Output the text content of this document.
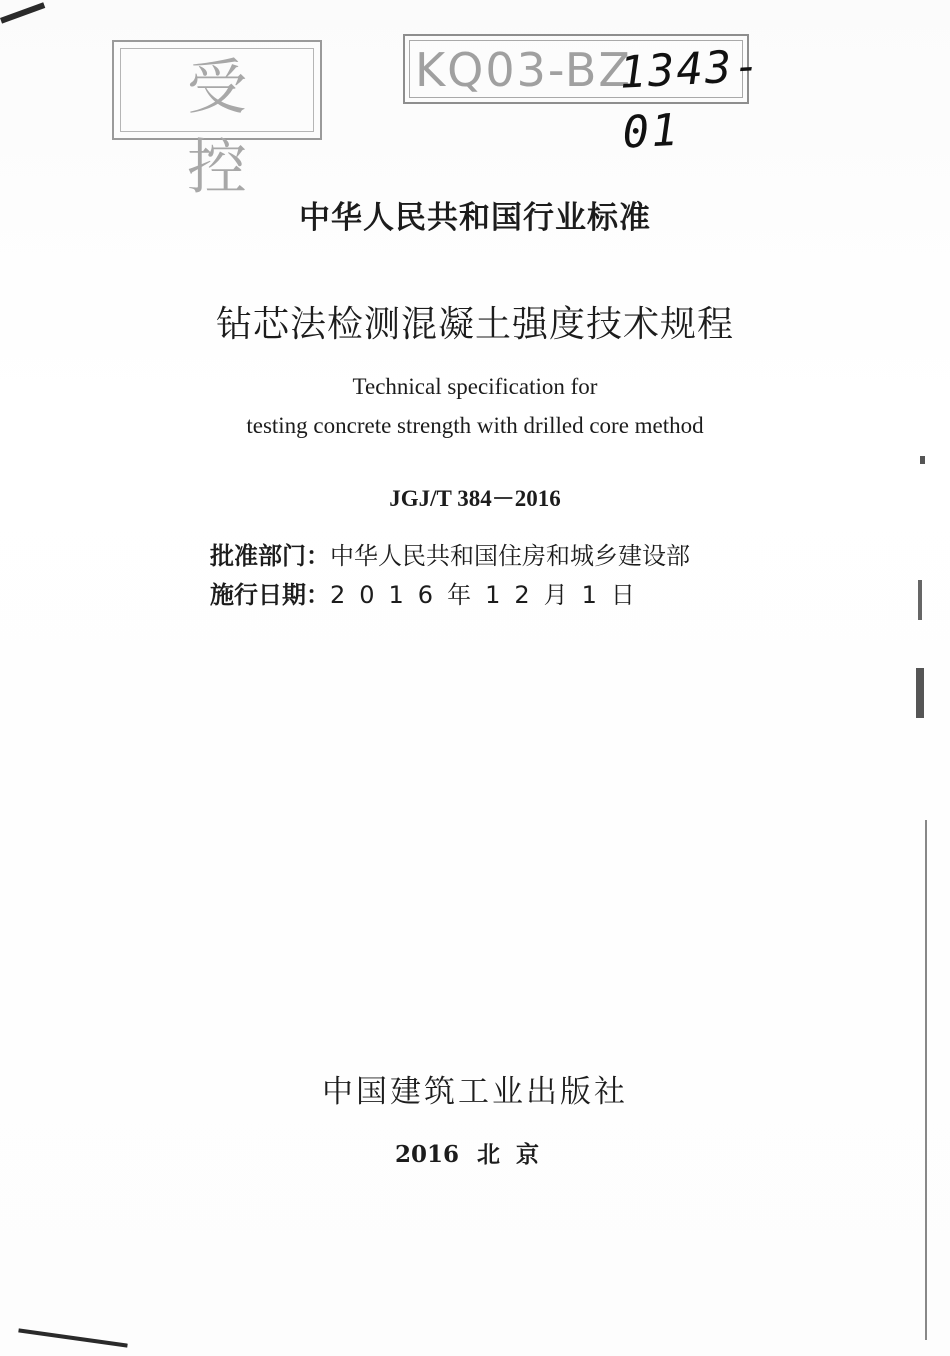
受 控
KQ03-BZ
1343-01
中华人民共和国行业标准
钻芯法检测混凝土强度技术规程
Technical specification for
testing concrete strength with drilled core method
JGJ/T 384－2016
批准部门：中华人民共和国住房和城乡建设部
施行日期：2016年12月1日
中国建筑工业出版社
2016 北京
